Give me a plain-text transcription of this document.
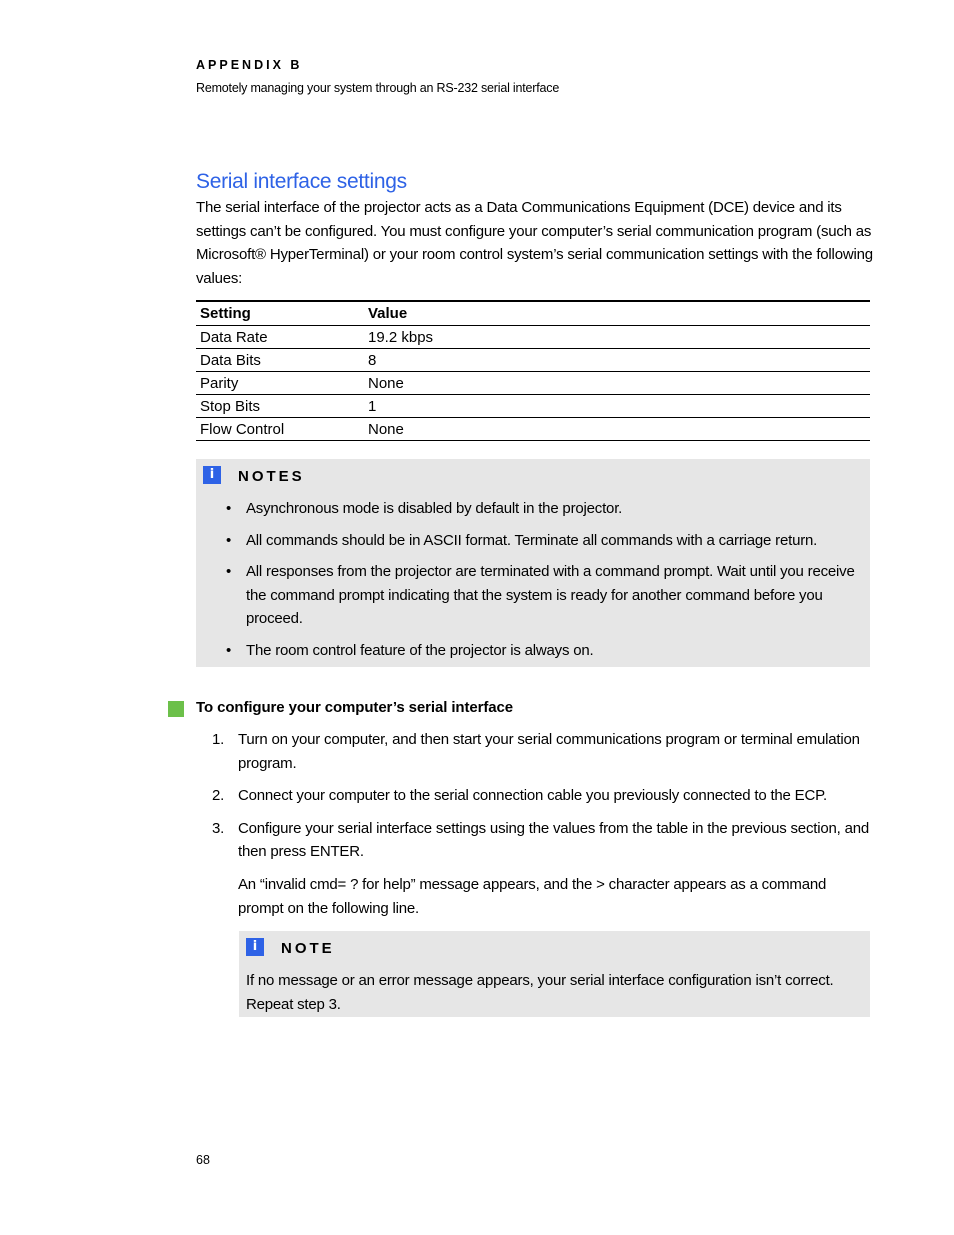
APPENDIX B
Remotely managing your system through an RS-232 serial interface
Serial interface settings
The serial interface of the projector acts as a Data Communications Equipment (DCE) device and its settings can’t be configured. You must configure your computer’s serial communication program (such as Microsoft® HyperTerminal) or your room control system’s serial communication settings with the following values:
Setting	Value
Data Rate	19.2 kbps
Data Bits	8
Parity	None
Stop Bits	1
Flow Control	None
i	NOTES
• Asynchronous mode is disabled by default in the projector.
• All commands should be in ASCII format. Terminate all commands with a carriage return.
• All responses from the projector are terminated with a command prompt. Wait until you receive the command prompt indicating that the system is ready for another command before you proceed.
• The room control feature of the projector is always on.
To configure your computer’s serial interface
1. Turn on your computer, and then start your serial communications program or terminal emulation program.
2. Connect your computer to the serial connection cable you previously connected to the ECP.
3. Configure your serial interface settings using the values from the table in the previous section, and then press ENTER.
An “invalid cmd= ? for help” message appears, and the > character appears as a command prompt on the following line.
i	NOTE
If no message or an error message appears, your serial interface configuration isn’t correct. Repeat step 3.
68
